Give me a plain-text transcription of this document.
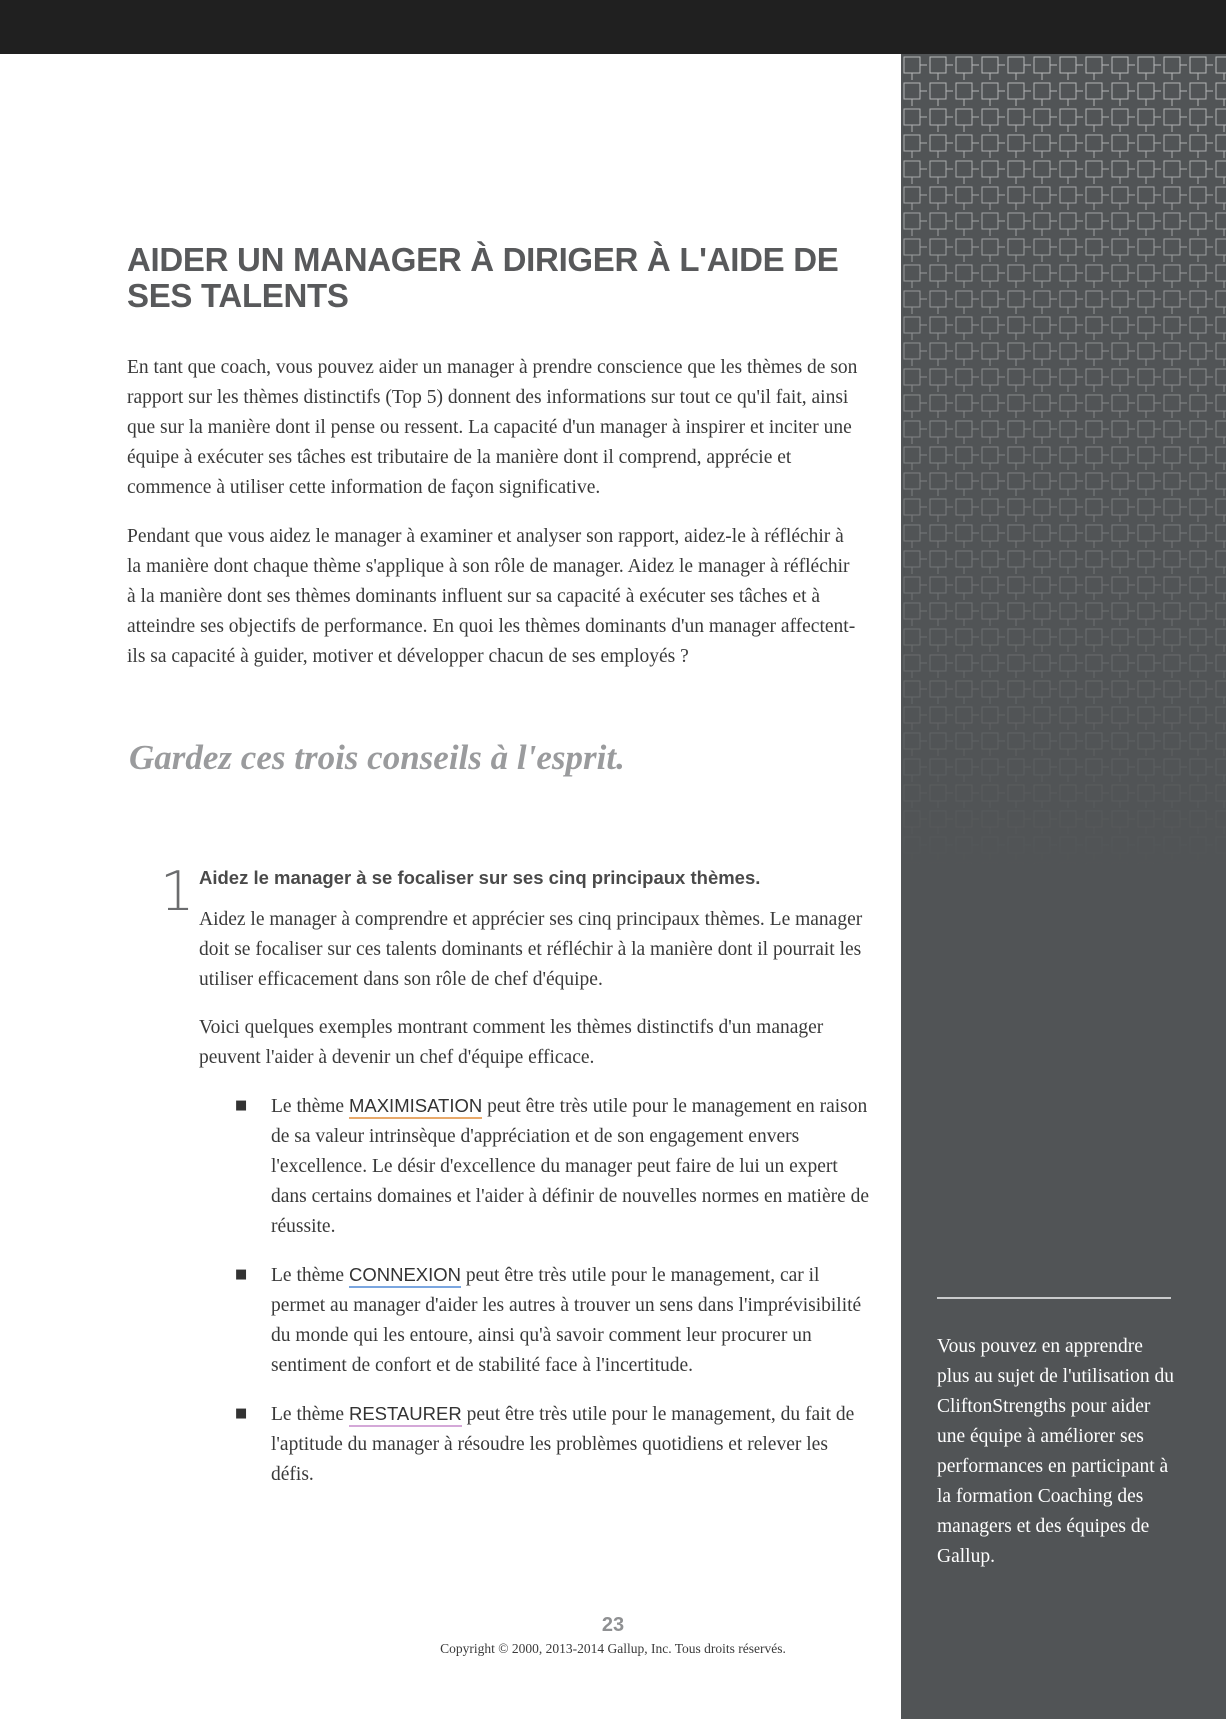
AIDER UN MANAGER À DIRIGER À L'AIDE DE SES TALENTS

En tant que coach, vous pouvez aider un manager à prendre conscience que les thèmes de son rapport sur les thèmes distinctifs (Top 5) donnent des informations sur tout ce qu'il fait, ainsi que sur la manière dont il pense ou ressent. La capacité d'un manager à inspirer et inciter une équipe à exécuter ses tâches est tributaire de la manière dont il comprend, apprécie et commence à utiliser cette information de façon significative.

Pendant que vous aidez le manager à examiner et analyser son rapport, aidez-le à réfléchir à la manière dont chaque thème s'applique à son rôle de manager. Aidez le manager à réfléchir à la manière dont ses thèmes dominants influent sur sa capacité à exécuter ses tâches et à atteindre ses objectifs de performance. En quoi les thèmes dominants d'un manager affectent-ils sa capacité à guider, motiver et développer chacun de ses employés ?

Gardez ces trois conseils à l'esprit.
1 Aidez le manager à se focaliser sur ses cinq principaux thèmes.

Aidez le manager à comprendre et apprécier ses cinq principaux thèmes. Le manager doit se focaliser sur ces talents dominants et réfléchir à la manière dont il pourrait les utiliser efficacement dans son rôle de chef d'équipe.

Voici quelques exemples montrant comment les thèmes distinctifs d'un manager peuvent l'aider à devenir un chef d'équipe efficace.

■ Le thème MAXIMISATION peut être très utile pour le management en raison de sa valeur intrinsèque d'appréciation et de son engagement envers l'excellence. Le désir d'excellence du manager peut faire de lui un expert dans certains domaines et l'aider à définir de nouvelles normes en matière de réussite.
■ Le thème CONNEXION peut être très utile pour le management, car il permet au manager d'aider les autres à trouver un sens dans l'imprévisibilité du monde qui les entoure, ainsi qu'à savoir comment leur procurer un sentiment de confort et de stabilité face à l'incertitude.
■ Le thème RESTAURER peut être très utile pour le management, du fait de l'aptitude du manager à résoudre les problèmes quotidiens et relever les défis.

Vous pouvez en apprendre plus au sujet de l'utilisation du CliftonStrengths pour aider une équipe à améliorer ses performances en participant à la formation Coaching des managers et des équipes de Gallup.

23

Copyright © 2000, 2013-2014 Gallup, Inc. Tous droits réservés.
